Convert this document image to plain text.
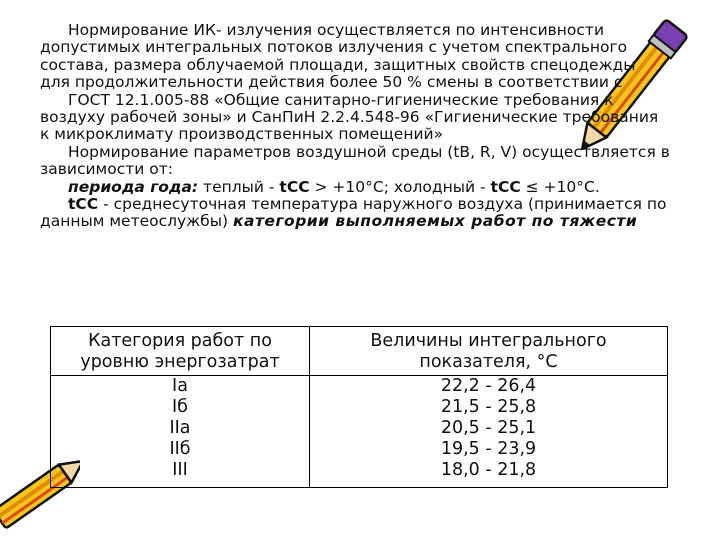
Нормирование ИК- излучения осуществляется по интенсивности допустимых интегральных потоков излучения с учетом спектрального состава, размера облучаемой площади, защитных свойств спецодежды для продолжительности действия более 50 % смены в соответствии с

ГОСТ 12.1.005-88 «Общие санитарно-гигиенические требования к воздуху рабочей зоны» и СанПиН 2.2.4.548-96 «Гигиенические требования к микроклимату производственных помещений»

Нормирование параметров воздушной среды (tВ, R, V) осуществляется в зависимости от:

периода года: теплый - tСС > +10°С; холодный - tСС ≤ +10°С.

tСС - среднесуточная температура наружного воздуха (принимается по данным метеослужбы) категории выполняемых работ по тяжести

Категория работ по уровню энергозатрат	Величины интегрального показателя, °С
Iа	22,2 - 26,4
Iб	21,5 - 25,8
IIа	20,5 - 25,1
IIб	19,5 - 23,9
III	18,0 - 21,8
